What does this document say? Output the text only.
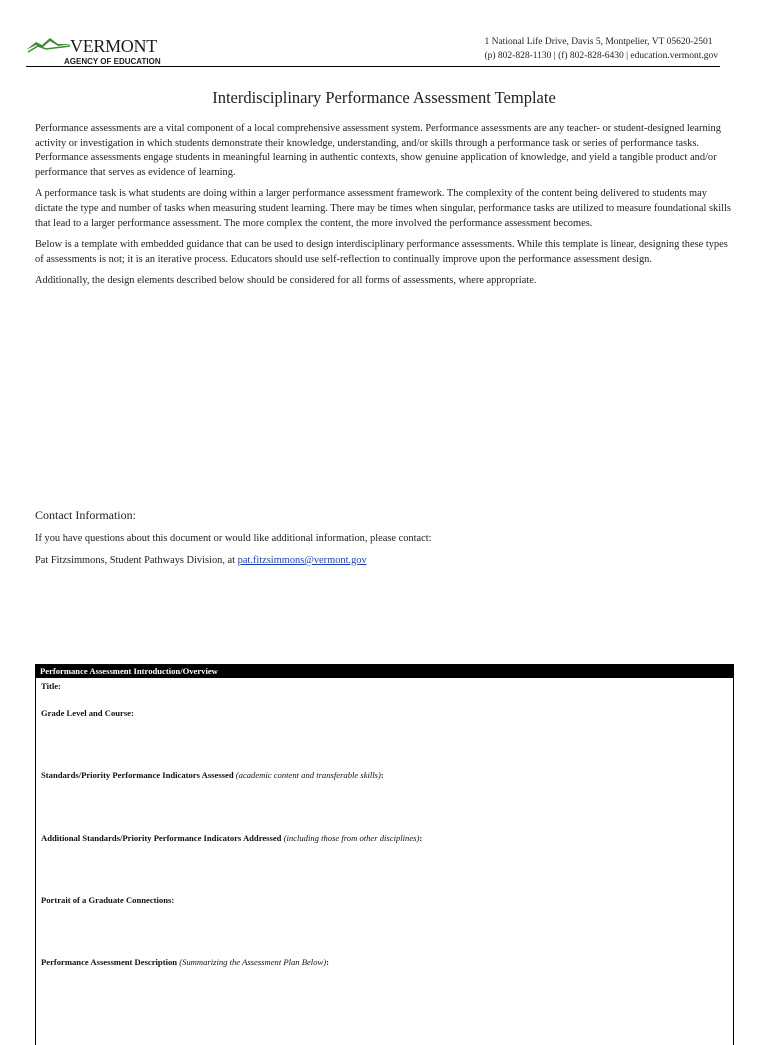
VERMONT
AGENCY OF EDUCATION
1 National Life Drive, Davis 5, Montpelier, VT 05620-2501
(p) 802-828-1130 | (f) 802-828-6430 | education.vermont.gov
Interdisciplinary Performance Assessment Template

Performance assessments are a vital component of a local comprehensive assessment system. Performance assessments are any teacher- or student-designed learning activity or investigation in which students demonstrate their knowledge, understanding, and/or skills through a performance task or series of performance tasks. Performance assessments engage students in meaningful learning in authentic contexts, show genuine application of knowledge, and yield a tangible product and/or performance that serves as evidence of learning.

A performance task is what students are doing within a larger performance assessment framework. The complexity of the content being delivered to students may dictate the type and number of tasks when measuring student learning. There may be times when singular, performance tasks are utilized to measure foundational skills that lead to a larger performance assessment. The more complex the content, the more involved the performance assessment becomes.

Below is a template with embedded guidance that can be used to design interdisciplinary performance assessments. While this template is linear, designing these types of assessments is not; it is an iterative process. Educators should use self-reflection to continually improve upon the performance assessment design.

Additionally, the design elements described below should be considered for all forms of assessments, where appropriate.

Contact Information:
If you have questions about this document or would like additional information, please contact:
Pat Fitzsimmons, Student Pathways Division, at pat.fitzsimmons@vermont.gov
Performance Assessment Introduction/Overview
Title:
Grade Level and Course:
Standards/Priority Performance Indicators Assessed (academic content and transferable skills):
Additional Standards/Priority Performance Indicators Addressed (including those from other disciplines):
Portrait of a Graduate Connections:
Performance Assessment Description (Summarizing the Assessment Plan Below):
